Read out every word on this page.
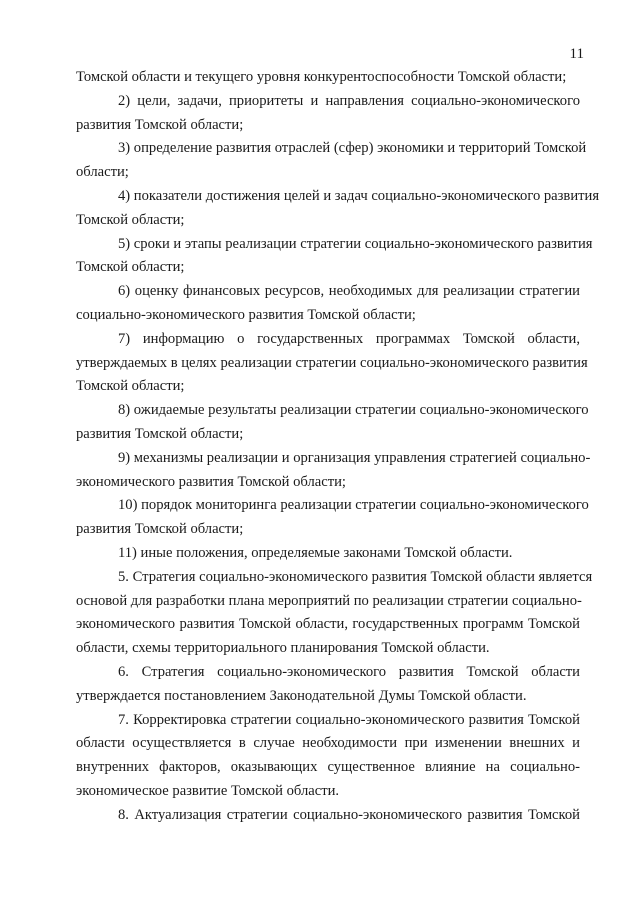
11

Томской области и текущего уровня конкурентоспособности Томской области;

2) цели, задачи, приоритеты и направления социально-экономического
развития Томской области;

3) определение развития отраслей (сфер) экономики и территорий Томской
области;

4) показатели достижения целей и задач социально-экономического развития
Томской области;

5) сроки и этапы реализации стратегии социально-экономического развития
Томской области;

6) оценку финансовых ресурсов, необходимых для реализации стратегии
социально-экономического развития Томской области;

7) информацию о государственных программах Томской области,
утверждаемых в целях реализации стратегии социально-экономического развития
Томской области;

8) ожидаемые результаты реализации стратегии социально-экономического
развития Томской области;

9) механизмы реализации и организация управления стратегией социально-
экономического развития Томской области;

10) порядок мониторинга реализации стратегии социально-экономического
развития Томской области;

11) иные положения, определяемые законами Томской области.

5. Стратегия социально-экономического развития Томской области является
основой для разработки плана мероприятий по реализации стратегии социально-
экономического развития Томской области, государственных программ Томской
области, схемы территориального планирования Томской области.

6. Стратегия социально-экономического развития Томской области
утверждается постановлением Законодательной Думы Томской области.

7. Корректировка стратегии социально-экономического развития Томской
области осуществляется в случае необходимости при изменении внешних и
внутренних факторов, оказывающих существенное влияние на социально-
экономическое развитие Томской области.

8. Актуализация стратегии социально-экономического развития Томской
